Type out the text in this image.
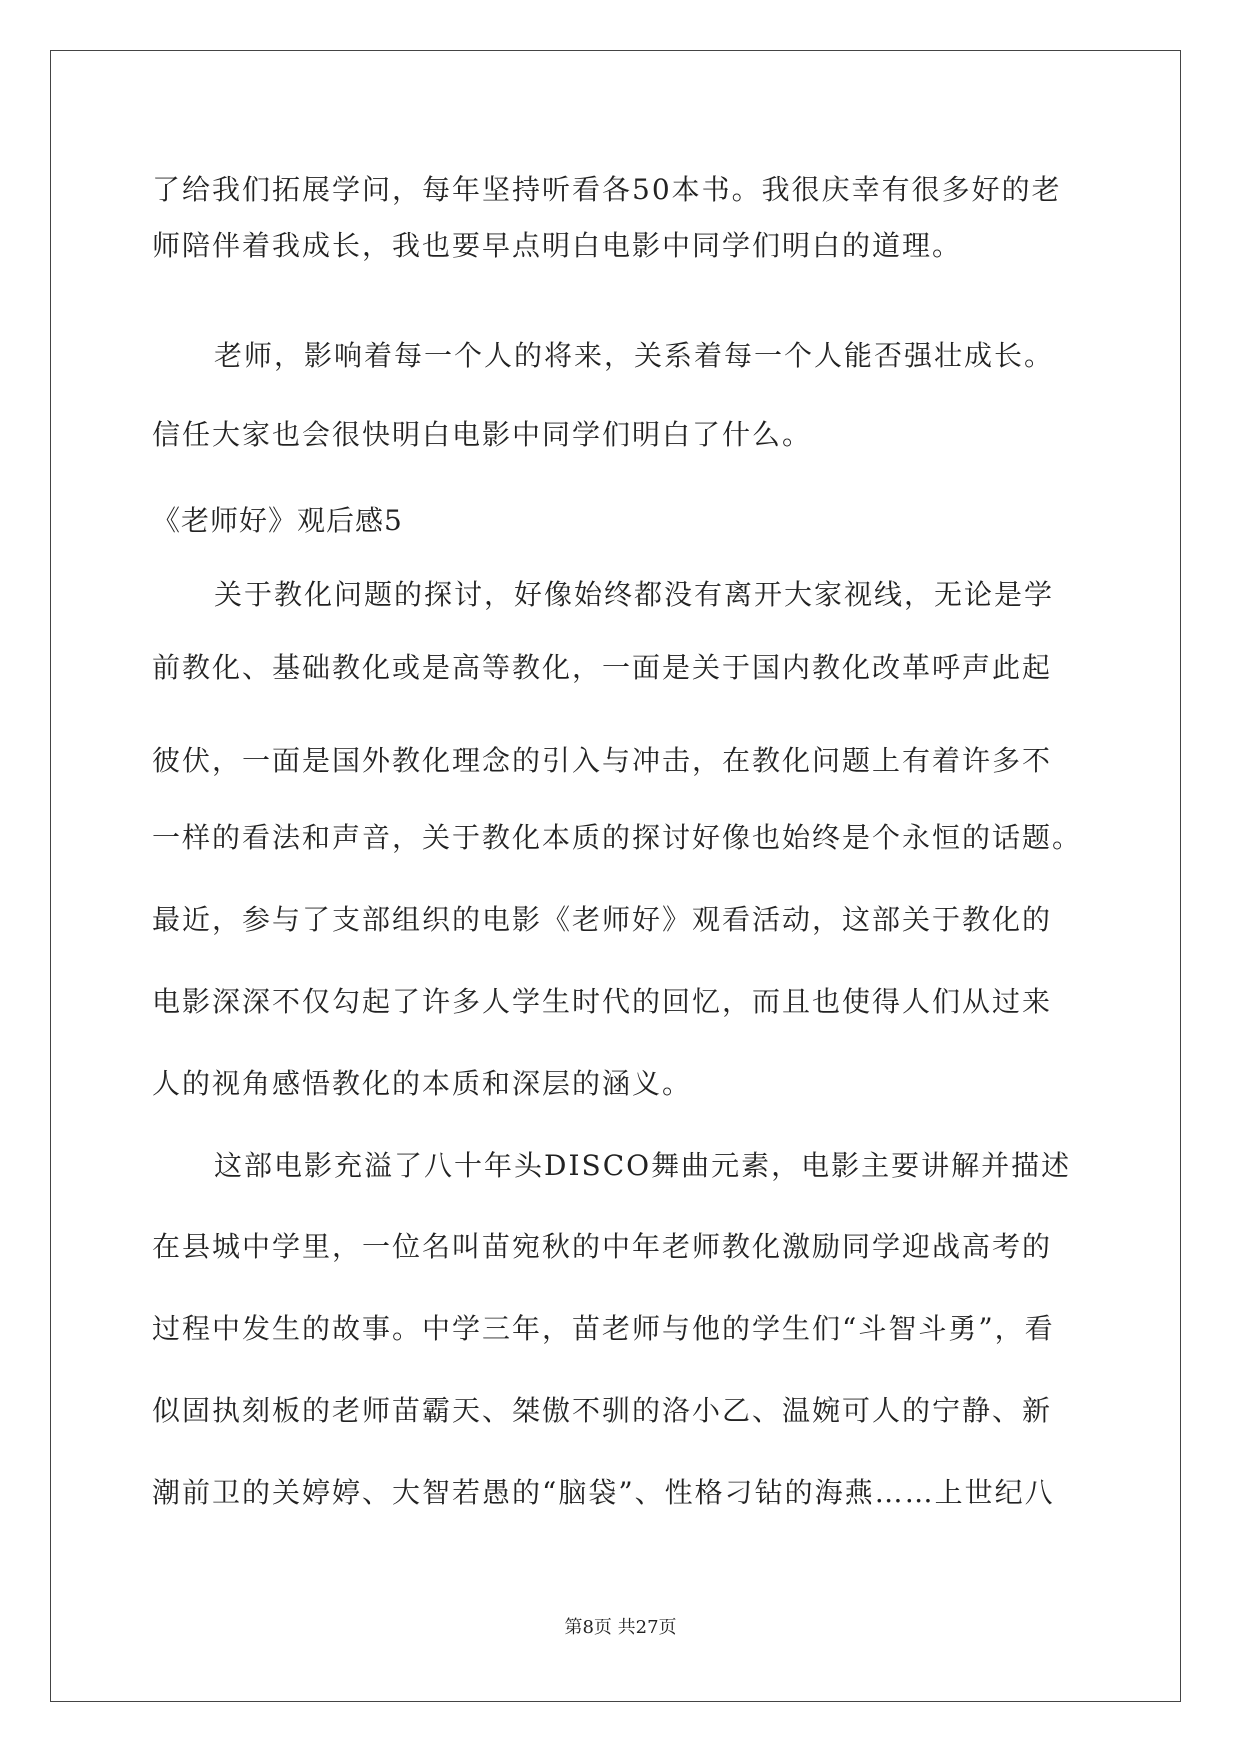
了给我们拓展学问，每年坚持听看各50本书。我很庆幸有很多好的老
师陪伴着我成长，我也要早点明白电影中同学们明白的道理。
老师，影响着每一个人的将来，关系着每一个人能否强壮成长。
信任大家也会很快明白电影中同学们明白了什么。
《老师好》观后感5
关于教化问题的探讨，好像始终都没有离开大家视线，无论是学
前教化、基础教化或是高等教化，一面是关于国内教化改革呼声此起
彼伏，一面是国外教化理念的引入与冲击，在教化问题上有着许多不
一样的看法和声音，关于教化本质的探讨好像也始终是个永恒的话题。
最近，参与了支部组织的电影《老师好》观看活动，这部关于教化的
电影深深不仅勾起了许多人学生时代的回忆，而且也使得人们从过来
人的视角感悟教化的本质和深层的涵义。
这部电影充溢了八十年头DISCO舞曲元素，电影主要讲解并描述
在县城中学里，一位名叫苗宛秋的中年老师教化激励同学迎战高考的
过程中发生的故事。中学三年，苗老师与他的学生们“斗智斗勇”，看
似固执刻板的老师苗霸天、桀傲不驯的洛小乙、温婉可人的宁静、新
潮前卫的关婷婷、大智若愚的“脑袋”、性格刁钻的海燕……上世纪八
第8页 共27页
